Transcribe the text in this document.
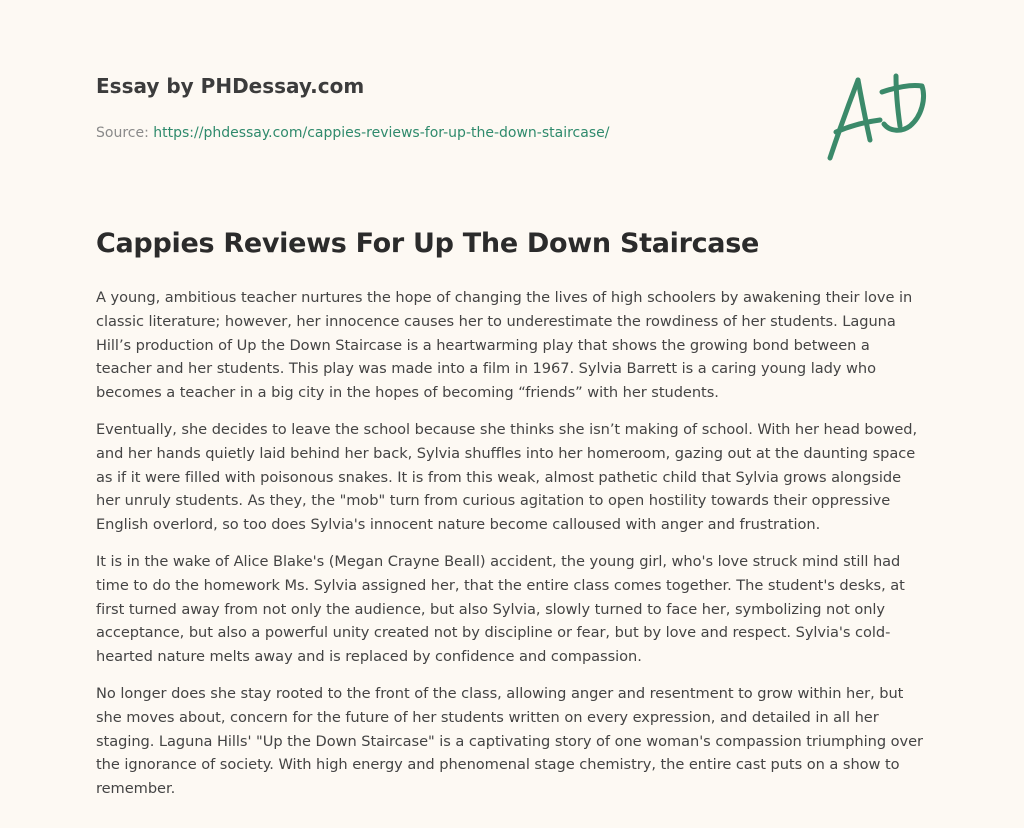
Essay by PHDessay.com
Source: https://phdessay.com/cappies-reviews-for-up-the-down-staircase/
Cappies Reviews For Up The Down Staircase

A young, ambitious teacher nurtures the hope of changing the lives of high schoolers by awakening their love in classic literature; however, her innocence causes her to underestimate the rowdiness of her students. Laguna Hill’s production of Up the Down Staircase is a heartwarming play that shows the growing bond between a teacher and her students. This play was made into a film in 1967. Sylvia Barrett is a caring young lady who becomes a teacher in a big city in the hopes of becoming “friends” with her students.

Eventually, she decides to leave the school because she thinks she isn’t making of school. With her head bowed, and her hands quietly laid behind her back, Sylvia shuffles into her homeroom, gazing out at the daunting space as if it were filled with poisonous snakes. It is from this weak, almost pathetic child that Sylvia grows alongside her unruly students. As they, the "mob" turn from curious agitation to open hostility towards their oppressive English overlord, so too does Sylvia's innocent nature become calloused with anger and frustration.

It is in the wake of Alice Blake's (Megan Crayne Beall) accident, the young girl, who's love struck mind still had time to do the homework Ms. Sylvia assigned her, that the entire class comes together. The student's desks, at first turned away from not only the audience, but also Sylvia, slowly turned to face her, symbolizing not only acceptance, but also a powerful unity created not by discipline or fear, but by love and respect. Sylvia's cold-hearted nature melts away and is replaced by confidence and compassion.

No longer does she stay rooted to the front of the class, allowing anger and resentment to grow within her, but she moves about, concern for the future of her students written on every expression, and detailed in all her staging. Laguna Hills' "Up the Down Staircase" is a captivating story of one woman's compassion triumphing over the ignorance of society. With high energy and phenomenal stage chemistry, the entire cast puts on a show to remember.
